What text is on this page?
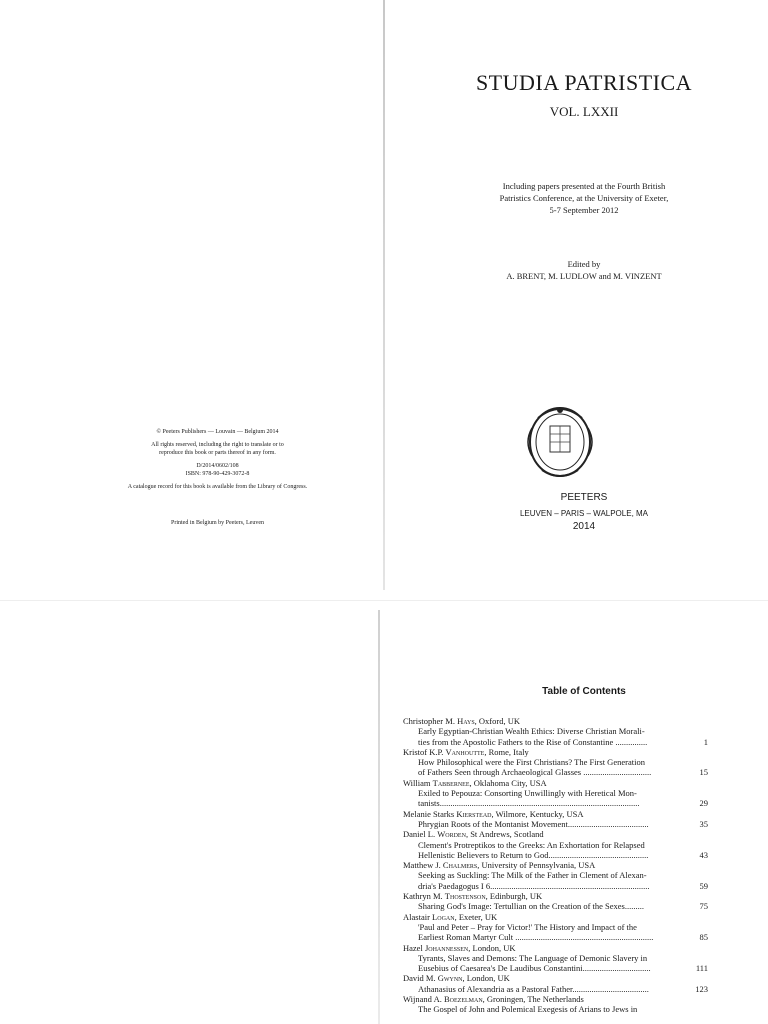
STUDIA PATRISTICA
VOL. LXXII
Including papers presented at the Fourth British
Patristics Conference, at the University of Exeter,
5-7 September 2012
Edited by
A. BRENT, M. LUDLOW and M. VINZENT
PEETERS
LEUVEN – PARIS – WALPOLE, MA
2014

© Peeters Publishers — Louvain — Belgium 2014

All rights reserved, including the right to translate or to
reproduce this book or parts thereof in any form.

D/2014/0602/108
ISBN: 978-90-429-3072-8

A catalogue record for this book is available from the Library of Congress.

Printed in Belgium by Peeters, Leuven
Table of Contents
Christopher M. Hays, Oxford, UK
Early Egyptian-Christian Wealth Ethics: Diverse Christian Morali-
ties from the Apostolic Fathers to the Rise of Constantine ...............	1
Kristof K.P. Vanhoutte, Rome, Italy
How Philosophical were the First Christians? The First Generation
of Fathers Seen through Archaeological Glasses ................................	15
William Tabbernee, Oklahoma City, USA
Exiled to Pepouza: Consorting Unwillingly with Heretical Mon-
tanists..............................................................................................	29
Melanie Starks Kierstead, Wilmore, Kentucky, USA
Phrygian Roots of the Montanist Movement......................................	35
Daniel L. Worden, St Andrews, Scotland
Clement's Protreptikos to the Greeks: An Exhortation for Relapsed
Hellenistic Believers to Return to God...............................................	43
Matthew J. Chalmers, University of Pennsylvania, USA
Seeking as Suckling: The Milk of the Father in Clement of Alexan-
dria's Paedagogus I 6...........................................................................	59
Kathryn M. Thostenson, Edinburgh, UK
Sharing God's Image: Tertullian on the Creation of the Sexes.........	75
Alastair Logan, Exeter, UK
'Paul and Peter – Pray for Victor!' The History and Impact of the
Earliest Roman Martyr Cult .................................................................	85
Hazel Johannessen, London, UK
Tyrants, Slaves and Demons: The Language of Demonic Slavery in
Eusebius of Caesarea's De Laudibus Constantini................................	111
David M. Gwynn, London, UK
Athanasius of Alexandria as a Pastoral Father....................................	123
Wijnand A. Boezelman, Groningen, The Netherlands
The Gospel of John and Polemical Exegesis of Arians to Jews in
